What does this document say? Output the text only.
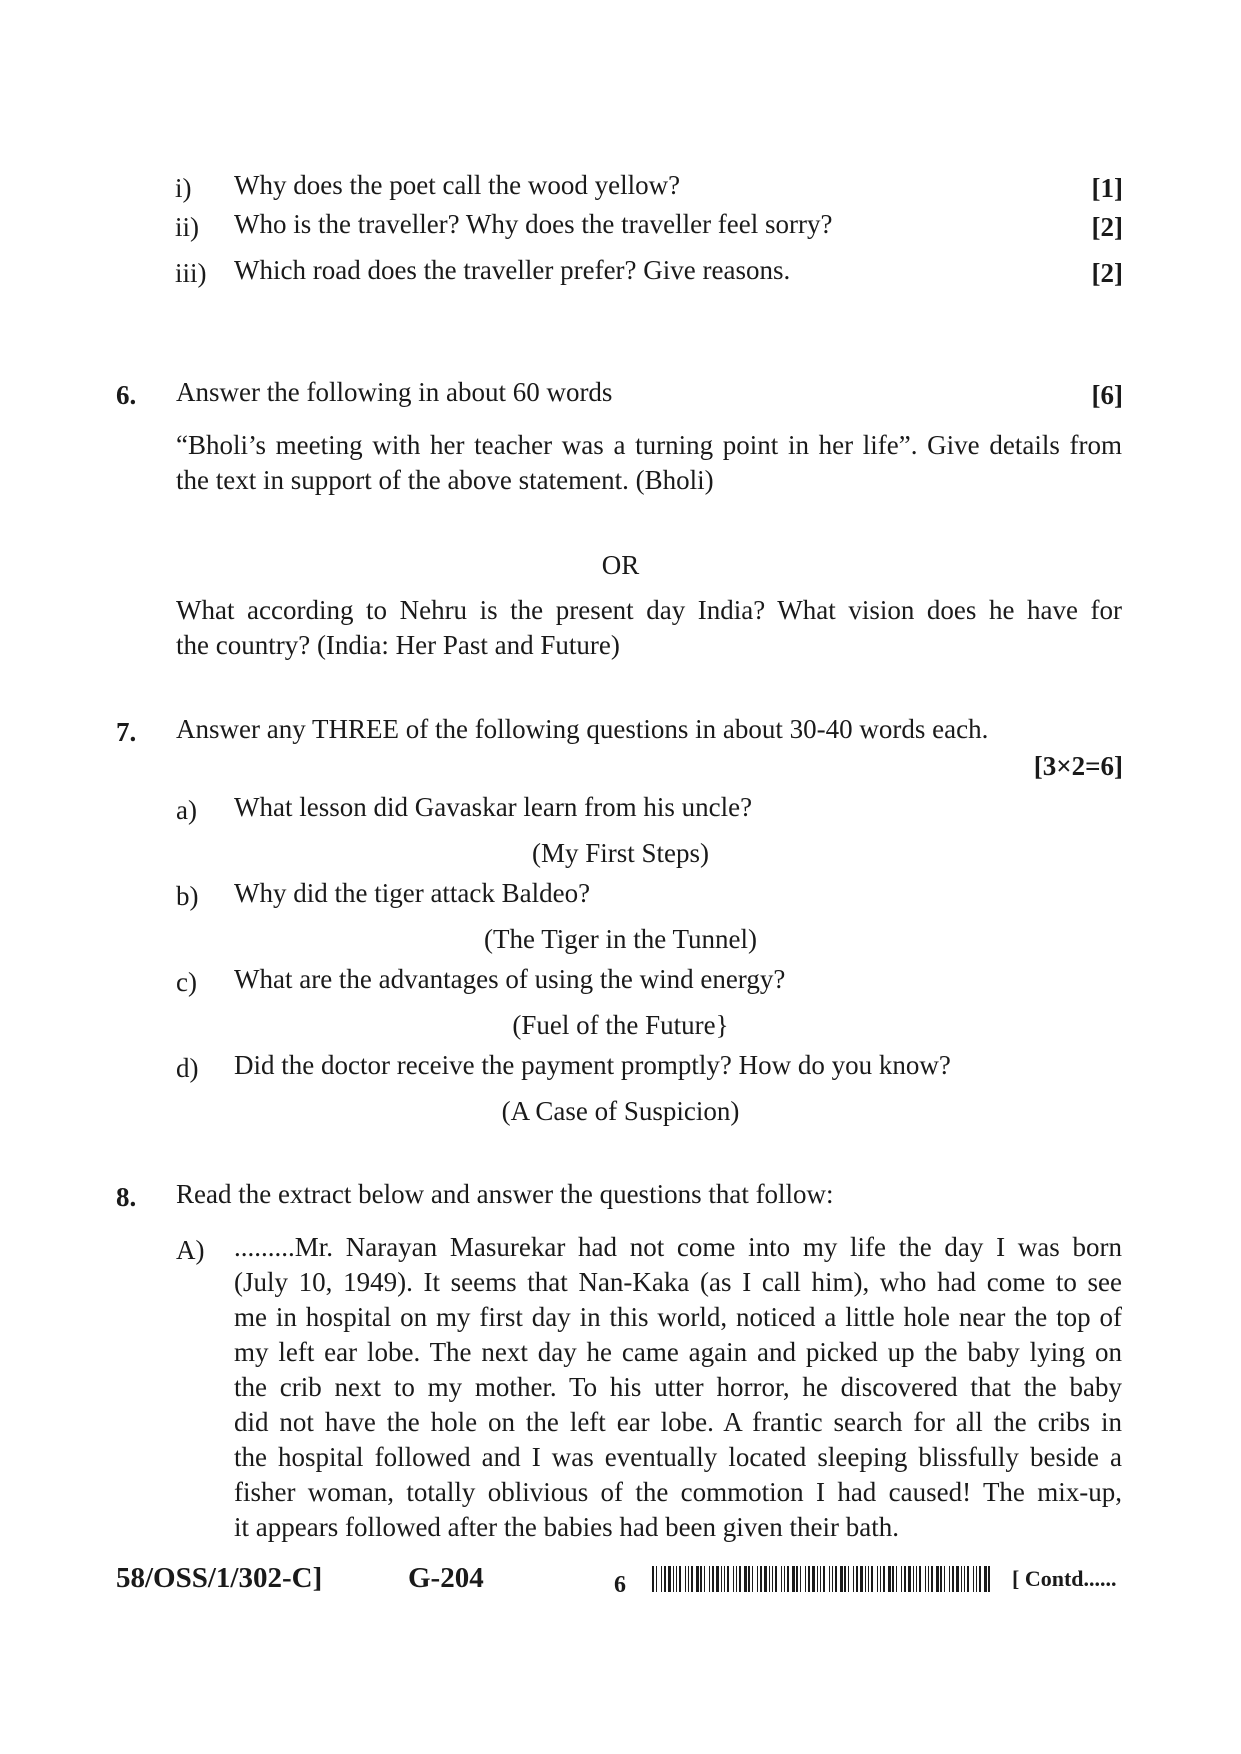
i) Why does the poet call the wood yellow?	[1]
ii) Who is the traveller? Why does the traveller feel sorry?	[2]
iii) Which road does the traveller prefer? Give reasons.	[2]
6. Answer the following in about 60 words	[6]
“Bholi’s meeting with her teacher was a turning point in her life”. Give details from
the text in support of the above statement. (Bholi)
OR
What according to Nehru is the present day India? What vision does he have for
the country? (India: Her Past and Future)
7. Answer any THREE of the following questions in about 30-40 words each.
[3×2=6]
a) What lesson did Gavaskar learn from his uncle?
(My First Steps)
b) Why did the tiger attack Baldeo?
(The Tiger in the Tunnel)
c) What are the advantages of using the wind energy?
(Fuel of the Future}
d) Did the doctor receive the payment promptly? How do you know?
(A Case of Suspicion)
8. Read the extract below and answer the questions that follow:
A) .........Mr. Narayan Masurekar had not come into my life the day I was born
(July 10, 1949). It seems that Nan-Kaka (as I call him), who had come to see
me in hospital on my first day in this world, noticed a little hole near the top of
my left ear lobe. The next day he came again and picked up the baby lying on
the crib next to my mother. To his utter horror, he discovered that the baby
did not have the hole on the left ear lobe. A frantic search for all the cribs in
the hospital followed and I was eventually located sleeping blissfully beside a
fisher woman, totally oblivious of the commotion I had caused! The mix-up,
it appears followed after the babies had been given their bath.
58/OSS/1/302-C]	G-204	6	[ Contd......
